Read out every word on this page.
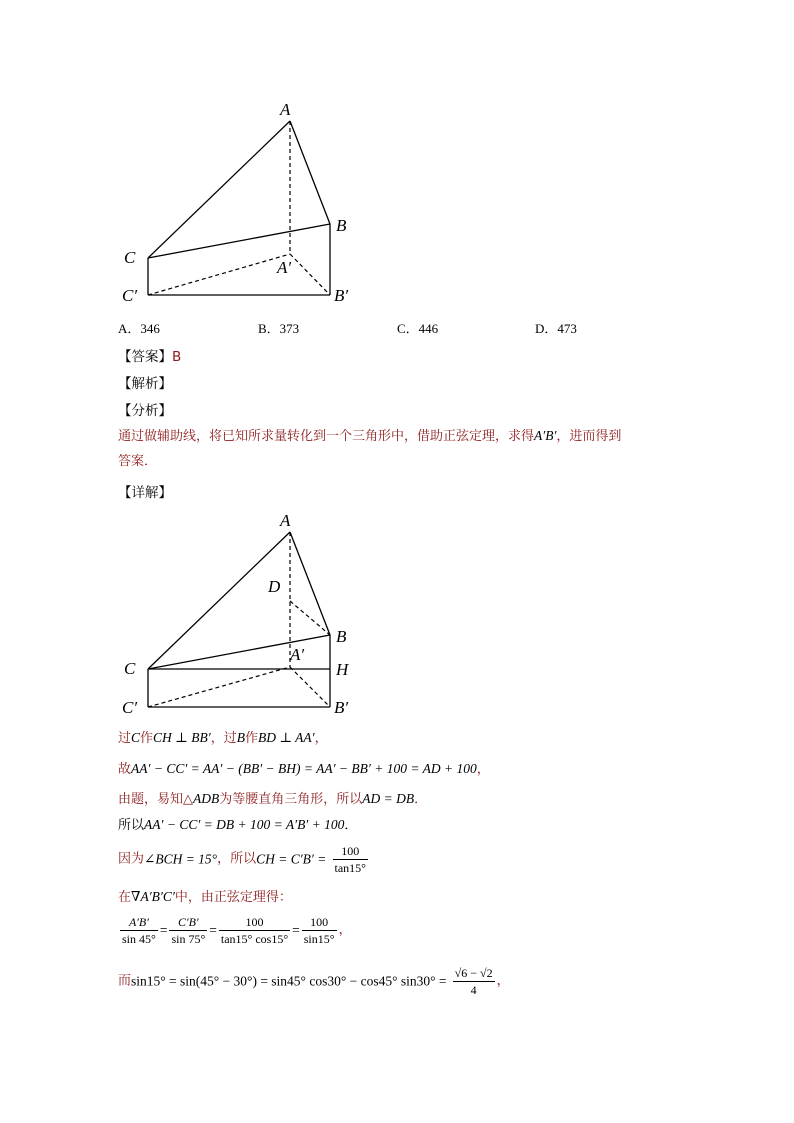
A
B
C
A′
B′
C′
A．346	B．373	C．446	D．473
【答案】B
【解析】
【分析】
通过做辅助线，将已知所求量转化到一个三角形中，借助正弦定理，求得A′B′，进而得到
答案．
【详解】
A
D
B
C	H
A′
B′
C′
过C作CH ⊥ BB′，过B作BD ⊥ AA′，
故AA′ − CC′ = AA′ − (BB′ − BH) = AA′ − BB′ + 100 = AD + 100，
由题，易知△ADB为等腰直角三角形，所以AD = DB．
所以AA′ − CC′ = DB + 100 = A′B′ + 100．
因为∠BCH = 15°，所以CH = $C'B' = \frac{100}{\tan 15^\circ}$
在∇A′B′C′中，由正弦定理得：
$\frac{A'B'}{\sin 45^\circ} = \frac{C'B'}{\sin 75^\circ} = \frac{100}{\tan 15^\circ \cos 15^\circ} = \frac{100}{\sin 15^\circ}$ ，
而sin15° = sin(45° − 30°) = sin45° cos30° − cos45° $\sin 30^\circ = \frac{√6 - √2}{4}$ ，
